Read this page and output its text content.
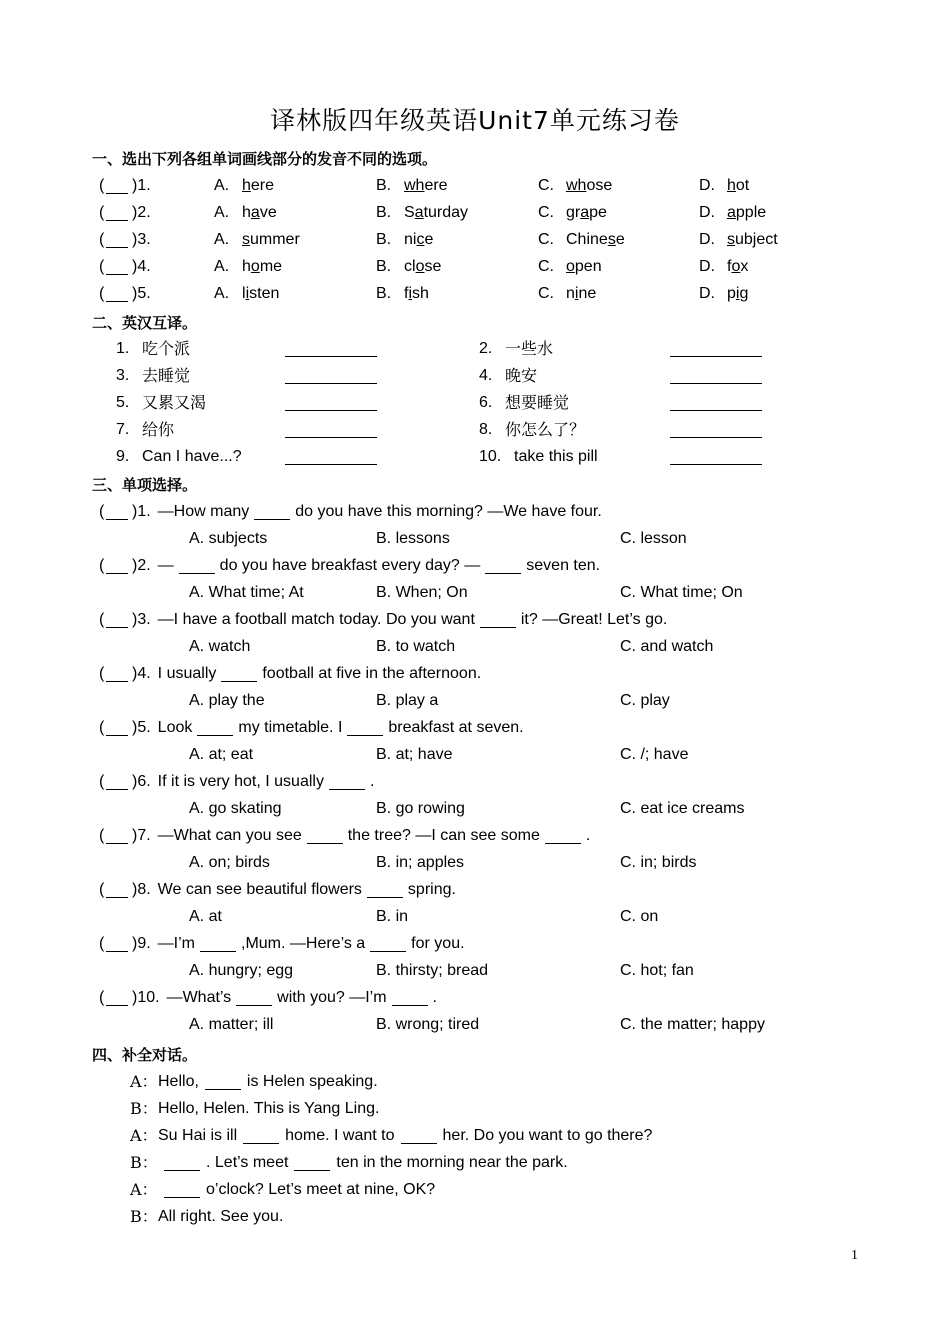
译林版四年级英语Unit7单元练习卷
一、选出下列各组单词画线部分的发音不同的选项。
( )1.	A. here	B. where	C. whose	D. hot
( )2.	A. have	B. Saturday	C. grape	D. apple
( )3.	A. summer	B. nice	C. Chinese	D. subject
( )4.	A. home	B. close	C. open	D. fox
( )5.	A. listen	B. fish	C. nine	D. pig
二、英汉互译。
1. 吃个派	2. 一些水
3. 去睡觉	4. 晚安
5. 又累又渴	6. 想要睡觉
7. 给你	8. 你怎么了？
9. Can I have...?	10. take this pill
三、单项选择。
( )1. —How many	do you have this morning? —We have four.
A. subjects	B. lessons	C. lesson
( )2. —	do you have breakfast every day? —	seven ten.
A. What time; At	B. When; On	C. What time; On
( )3. —I have a football match today. Do you want	it? —Great! Let’s go.
A. watch	B. to watch	C. and watch
( )4. I usually	football at five in the afternoon.
A. play the	B. play a	C. play
( )5. Look	my timetable. I	breakfast at seven.
A. at; eat	B. at; have	C. /; have
( )6. If it is very hot, I usually	.
A. go skating	B. go rowing	C. eat ice creams
( )7. —What can you see	the tree? —I can see some	.
A. on; birds	B. in; apples	C. in; birds
( )8. We can see beautiful flowers	spring.
A. at	B. in	C. on
( )9. —I’m	,Mum. —Here’s a	for you.
A. hungry; egg	B. thirsty; bread	C. hot; fan
( )10. —What’s	with you? —I’m	.
A. matter; ill	B. wrong; tired	C. the matter; happy
四、补全对话。
A： Hello,	is Helen speaking.
B： Hello, Helen. This is Yang Ling.
A： Su Hai is ill	home. I want to	her. Do you want to go there?
B：	. Let’s meet	ten in the morning near the park.
A：	o’clock? Let’s meet at nine, OK?
B： All right. See you.
1
